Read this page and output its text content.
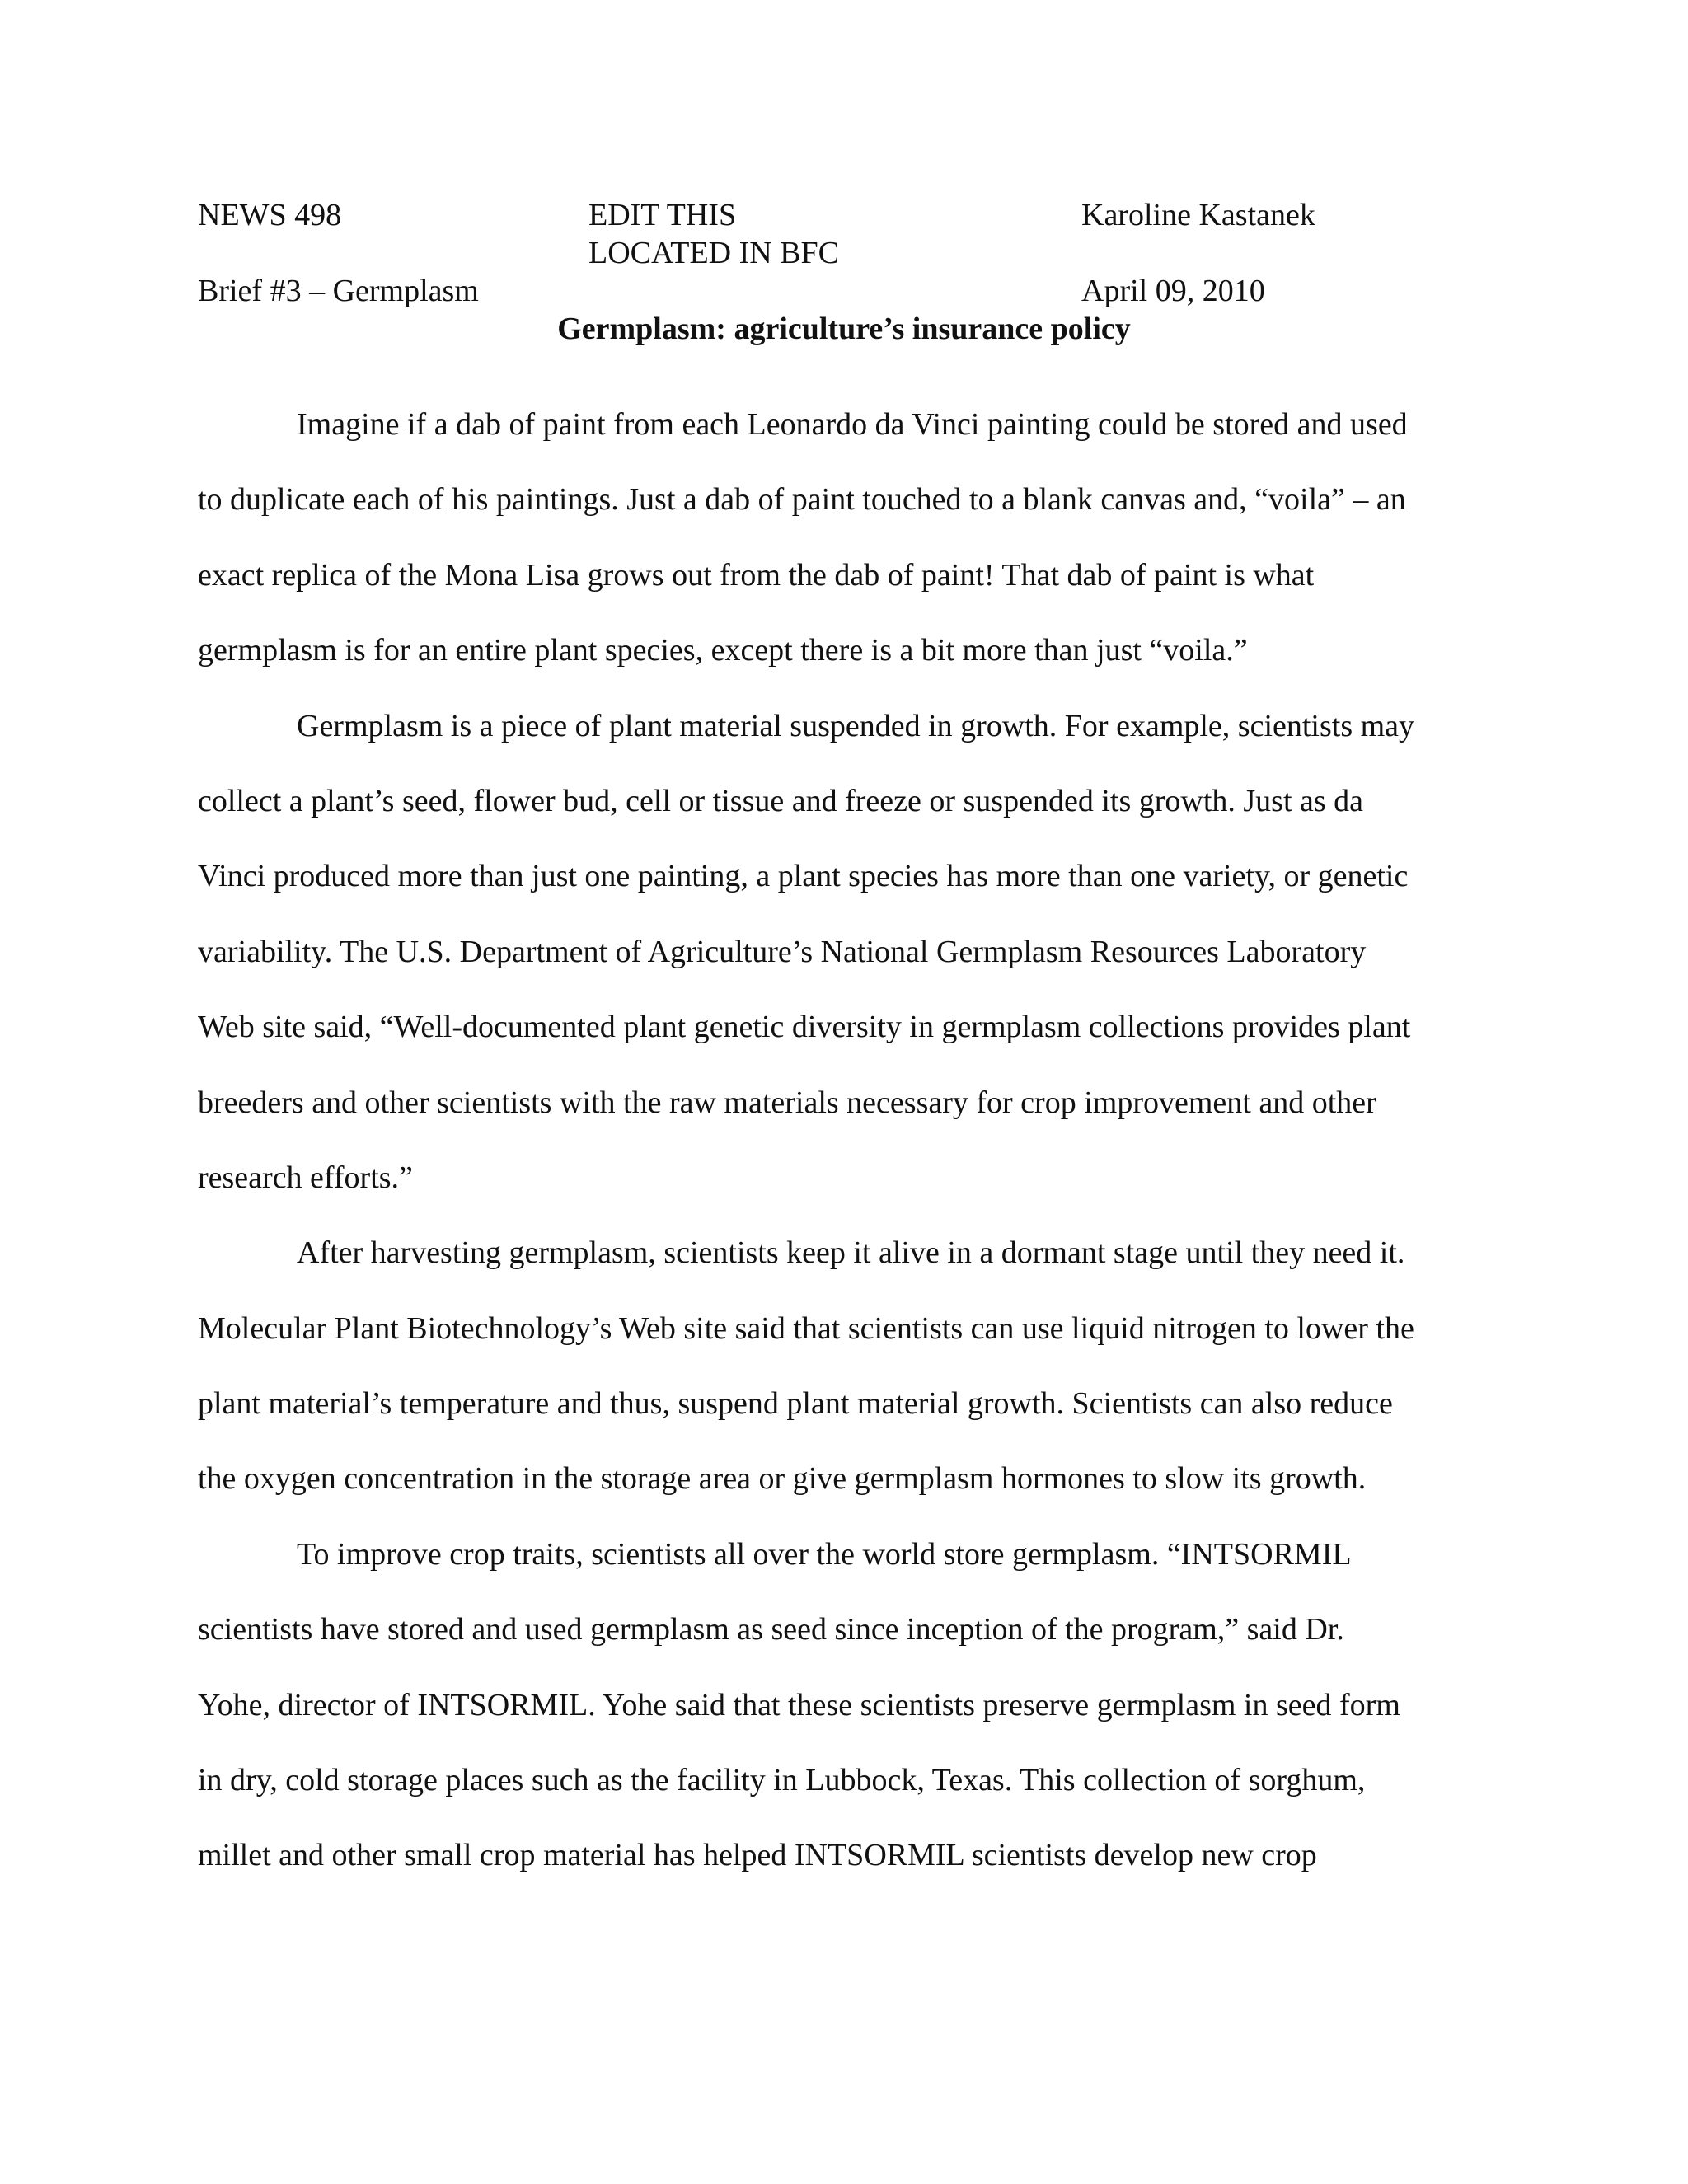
NEWS 498	EDIT THIS
LOCATED IN BFC
Karoline Kastanek
Brief #3 – Germplasm	April 09, 2010
Germplasm: agriculture’s insurance policy
Imagine if a dab of paint from each Leonardo da Vinci painting could be stored and used
to duplicate each of his paintings. Just a dab of paint touched to a blank canvas and, “voila” – an
exact replica of the Mona Lisa grows out from the dab of paint! That dab of paint is what
germplasm is for an entire plant species, except there is a bit more than just “voila.”
Germplasm is a piece of plant material suspended in growth. For example, scientists may
collect a plant’s seed, flower bud, cell or tissue and freeze or suspended its growth. Just as da
Vinci produced more than just one painting, a plant species has more than one variety, or genetic
variability. The U.S. Department of Agriculture’s National Germplasm Resources Laboratory
Web site said, “Well-documented plant genetic diversity in germplasm collections provides plant
breeders and other scientists with the raw materials necessary for crop improvement and other
research efforts.”
After harvesting germplasm, scientists keep it alive in a dormant stage until they need it.
Molecular Plant Biotechnology’s Web site said that scientists can use liquid nitrogen to lower the
plant material’s temperature and thus, suspend plant material growth. Scientists can also reduce
the oxygen concentration in the storage area or give germplasm hormones to slow its growth.
To improve crop traits, scientists all over the world store germplasm. “INTSORMIL
scientists have stored and used germplasm as seed since inception of the program,” said Dr.
Yohe, director of INTSORMIL. Yohe said that these scientists preserve germplasm in seed form
in dry, cold storage places such as the facility in Lubbock, Texas. This collection of sorghum,
millet and other small crop material has helped INTSORMIL scientists develop new crop
